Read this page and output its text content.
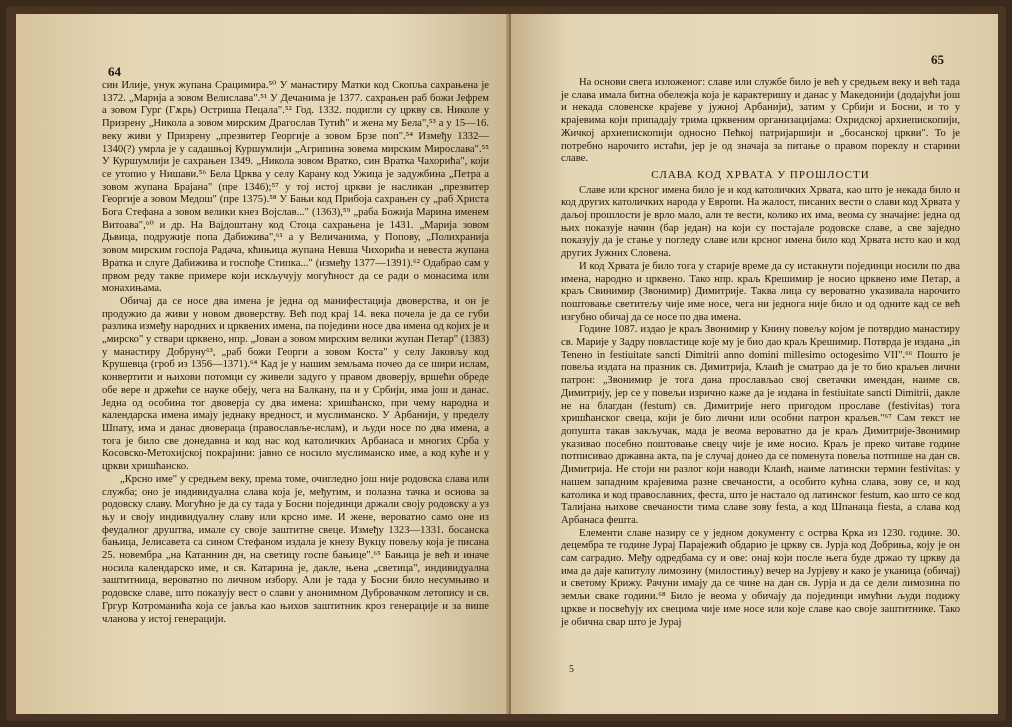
64

син Илије, унук жупана Срацимира.⁵⁰ У манастиру Матки код Скопља сахрањена је 1372. „Марија а зовом Велислава".⁵¹ У Дечанима је 1377. сахрањен раб божи Јефрем а зовом Гург (Гѫрь) Остриша Пецала".⁵² Год. 1332. подигли су цркву св. Николе у Призрену „Никола а зовом мирским Драгослав Тутић" и жена му Бела",⁵³ а у 15—16. веку живи у Призрену „презвитер Георгије а зовом Брзе поп".⁵⁴ Између 1332—1340(?) умрла је у садашњој Куршумлији „Агрипина зовема мирским Мирослава".⁵⁵ У Куршумлији је сахрањен 1349. „Никола зовом Вратко, син Вратка Чахорића", који се утопио у Нишави.⁵⁶ Бела Црква у селу Карану код Ужица је задужбина „Петра а зовом жупана Брајана" (пре 1346);⁵⁷ у тој истој цркви је насликан „презвитер Георгије а зовом Медош" (пре 1375).⁵⁸ У Бањи код Прибоја сахрањен су „раб Христа Бога Стефана а зовом велики кнез Војслав..." (1363),⁵⁹ „раба Божија Марина именем Витоава",⁶⁰ и др. На Вајдоштану код Стоца сахрањена је 1431. „Марија зовом Дьвица, подружије попа Дабижива",⁶¹ а у Величанима, у Попову, „Полихранија зовом мирским госпоја Радача, кћињица жупана Невша Чихорића и невеста жупана Вратка и слуге Дабижива и госпође Стипка..." (између 1377—1391).⁶² Одабрао сам у првом реду такве примере који искључују могућност да се ради о монасима или монахињама.

Обичај да се носе два имена је једна од манифестација двоверства, и он је продужио да живи у новом двоверству. Већ под крај 14. века почела је да се губи разлика између народних и црквених имена, па поједини носе два имена од којих је и „мирско" у ствари црквено, нпр. „Јован а зовом мирским велики жупан Петар" (1383) у манастиру Добруну⁶³, „раб божи Георги а зовом Коста" у селу Јаковљу код Крушевца (гроб из 1356—1371).⁶⁴ Кад је у нашим земљама почео да се шири ислам, конвертити и њихови потомци су живели задуго у правом двоверју, вршећи обреде обе вере и држећи се науке обеју, чега на Балкану, па и у Србији, има још и данас. Једна од особина тог двоверја су два имена: хришћанско, при чему народна и календарска имена имају једнаку вредност, и муслиманско. У Арбанији, у пределу Шпату, има и данас двовераца (православље-ислам), и људи носе по два имена, а тога је било све донедавна и код нас код католичких Арбанаса и многих Срба у Косовско-Метохијској покрајини: јавно се носило муслиманско име, а код куће и у цркви хришћанско.

„Крсно име" у средњем веку, према томе, очигледно још није родовска слава или служба; оно је индивидуална слава која је, међутим, и полазна тачка и основа за родовску славу. Могућно је да су тада у Босни појединци држали своју родовску а уз њу и своју индивидуалну славу или крсно име. И жене, вероватно само оне из феудалног друштва, имале су своје заштитне свеце. Између 1323—1331. босанска бањица, Јелисавета са сином Стефаном издала је кнезу Вукцу повељу која је писана 25. новембра „на Катаннин дн, на светицу госпе бањице".⁶⁵ Бањица је већ и иначе носила календарско име, и св. Катарина је, дакле, њена „светица", индивидуална заштитница, вероватно по личном избору. Али је тада у Босни било несумњиво и родовске славе, што показују вест о слави у анонимном Дубровачком летопису и св. Гргур Котроманића која се јавља као њихов заштитник кроз генерације и за више чланова у истој генерацији.

65

На основи свега изложеног: славе или службе било је већ у средњем веку и већ тада је слава имала битна обележја која је карактеришу и данас у Македонији (додајући још и некада словенске крајеве у јужној Арбанији), затим у Србији и Босни, и то у крајевима који припадају трима црквеним организацијама: Охридској архиепископији, Жичкој архиепископији односно Пећкој патријаршији и „босанској цркви". То је потребно нарочито истаћи, јер је од значаја за питање о правом пореклу и старини славе.

СЛАВА КОД ХРВАТА У ПРОШЛОСТИ

Славе или крсног имена било је и код католичких Хрвата, као што је некада било и код других католичких народа у Европи. На жалост, писаних вести о слави код Хрвата у даљој прошлости је врло мало, али те вести, колико их има, веома су значајне: једна од њих показује начин (бар један) на који су постајале родовске славе, а све заједно показују да је стање у погледу славе или крсног имена било код Хрвата исто као и код других Јужних Словена.

И код Хрвата је било тога у старије време да су истакнути појединци носили по два имена, народно и црквено. Тако нпр. краљ Крешимир је носио црквено име Петар, а краљ Свинимир (Звонимир) Димитрије. Таква лица су вероватно указивала нарочито поштовање светитељу чије име носе, чега ни једнога није било и од одните кад се већ изгубно обичај да се носе по два имена.

Године 1087. издао је краљ Звонимир у Книну повељу којом је потврдио манастиру св. Марије у Задру повластице које му је био дао краљ Крешимир. Потврда је издана „in Tenено in festiuitate sancti Dimitrii anno domini millesimo octogesimo VII".⁶⁶ Пошто је повеља издата на празник св. Димитрија, Клаић је сматрао да је то био краљев лични патрон: „Звонимир је тога дана прослављао свој светачки имендан, наиме св. Димитрију, јер се у повељи изрично каже да је издана in festiuitate sancti Dimitrii, дакле не на благдан (festum) св. Димитрије него пригодом прославе (festivitas) тога хришћанског свеца, који је био лични или особни патрон краљев."⁶⁷ Сам текст не допушта такав закључак, мада је веома вероватно да је краљ Димитрије-Звонимир указивао посебно поштовање свецу чије је име носио. Краљ је преко читаве године потписивао државна акта, па је случај донео да се поменута повеља потпише на дан св. Димитрија. Не стоји ни разлог који наводи Клаић, наиме латински термин festivitas: у нашем западним крајевима разне свечаности, а особито кућна слава, зову се, и код католика и код православних, феста, што је настало од латинског festum, као што се код Талијана њихове свечаности тима славе зову festa, а код Шпанаца fiesta, а слава код Арбанаса фешта.

Елементи славе назиру се у једном документу с острва Крка из 1230. године. 30. децембра те године Јурај Парајежић обдарио је цркву св. Јурја код Добриња, коју је он сам саградио. Међу одредбама су и ове: онај који после њега буде држао ту цркву да има да даје капитулу лимозину (милостињу) вечер на Јурјеву и како је уканица (обичај) и светому Крижу. Рачуни имају да се чине на дан св. Јурја и да се дели лимозина по земљи свакe години.⁶⁸ Било је веома у обичају да појединци имућни људи подижу цркве и посвећују их свецима чије име носе или које славе као своје заштитнике. Тако је обична свар што је Јурај

5
